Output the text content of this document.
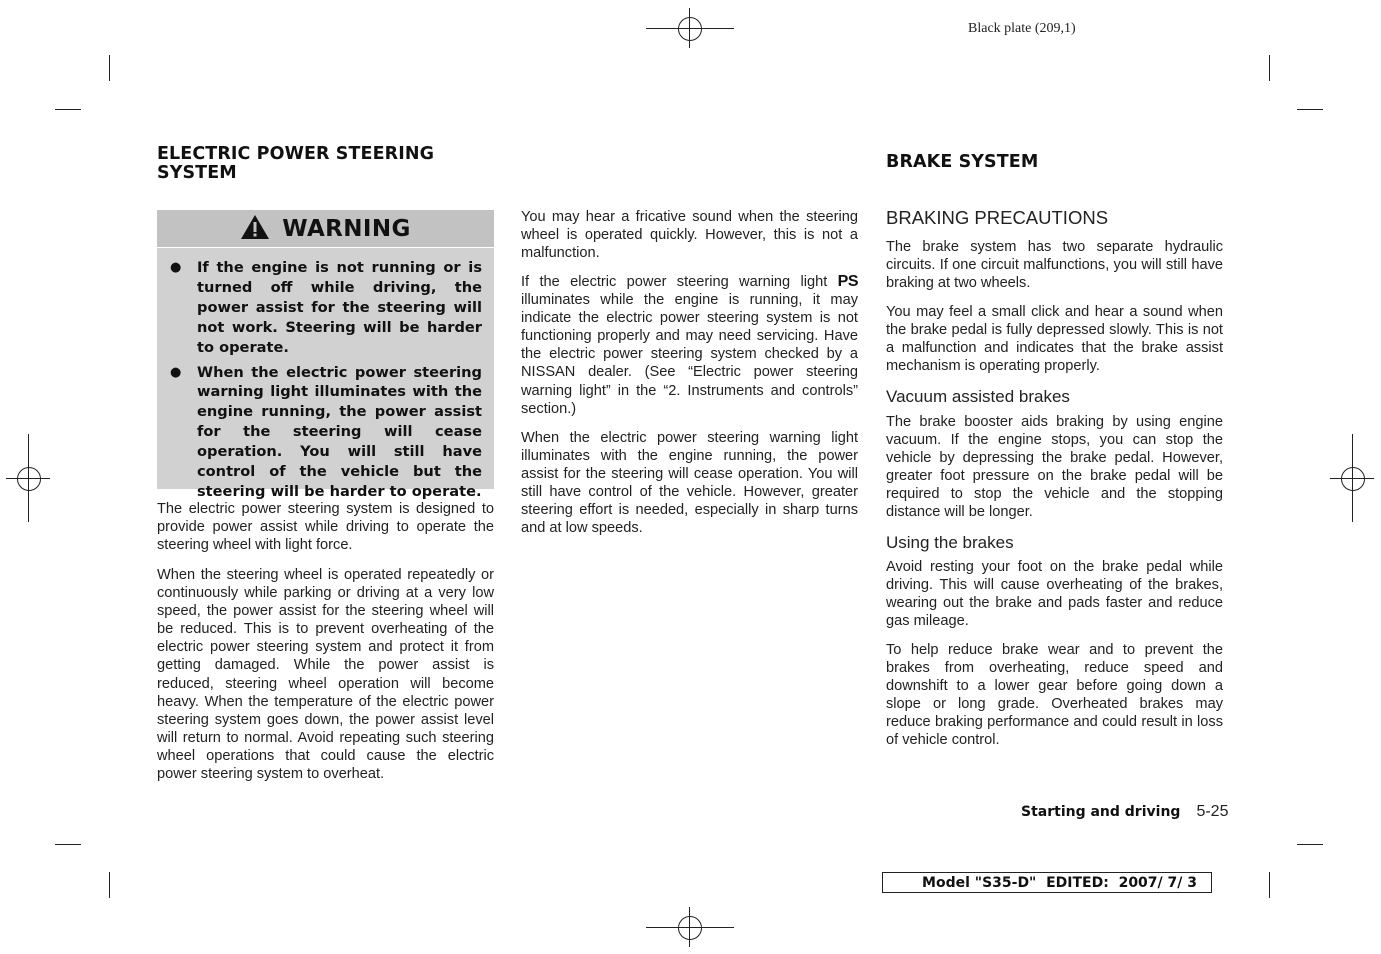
Black plate (209,1)
ELECTRIC POWER STEERING SYSTEM
WARNING
● If the engine is not running or is turned off while driving, the power assist for the steering will not work. Steering will be harder to operate.
● When the electric power steering warning light illuminates with the engine running, the power assist for the steering will cease operation. You will still have control of the vehicle but the steering will be harder to operate.

The electric power steering system is designed to provide power assist while driving to operate the steering wheel with light force.

When the steering wheel is operated repeatedly or continuously while parking or driving at a very low speed, the power assist for the steering wheel will be reduced. This is to prevent overheating of the electric power steering system and protect it from getting damaged. While the power assist is reduced, steering wheel operation will become heavy. When the temperature of the electric power steering system goes down, the power assist level will return to normal. Avoid repeating such steering wheel operations that could cause the electric power steering system to overheat.

You may hear a fricative sound when the steering wheel is operated quickly. However, this is not a malfunction.

If the electric power steering warning light PS illuminates while the engine is running, it may indicate the electric power steering system is not functioning properly and may need servicing. Have the electric power steering system checked by a NISSAN dealer. (See “Electric power steering warning light” in the “2. Instruments and controls” section.)

When the electric power steering warning light illuminates with the engine running, the power assist for the steering will cease operation. You will still have control of the vehicle. However, greater steering effort is needed, especially in sharp turns and at low speeds.

BRAKE SYSTEM
BRAKING PRECAUTIONS

The brake system has two separate hydraulic circuits. If one circuit malfunctions, you will still have braking at two wheels.

You may feel a small click and hear a sound when the brake pedal is fully depressed slowly. This is not a malfunction and indicates that the brake assist mechanism is operating properly.

Vacuum assisted brakes

The brake booster aids braking by using engine vacuum. If the engine stops, you can stop the vehicle by depressing the brake pedal. However, greater foot pressure on the brake pedal will be required to stop the vehicle and the stopping distance will be longer.

Using the brakes

Avoid resting your foot on the brake pedal while driving. This will cause overheating of the brakes, wearing out the brake and pads faster and reduce gas mileage.

To help reduce brake wear and to prevent the brakes from overheating, reduce speed and downshift to a lower gear before going down a slope or long grade. Overheated brakes may reduce braking performance and could result in loss of vehicle control.

Starting and driving 5-25
Model "S35-D"  EDITED:  2007/ 7/ 3
